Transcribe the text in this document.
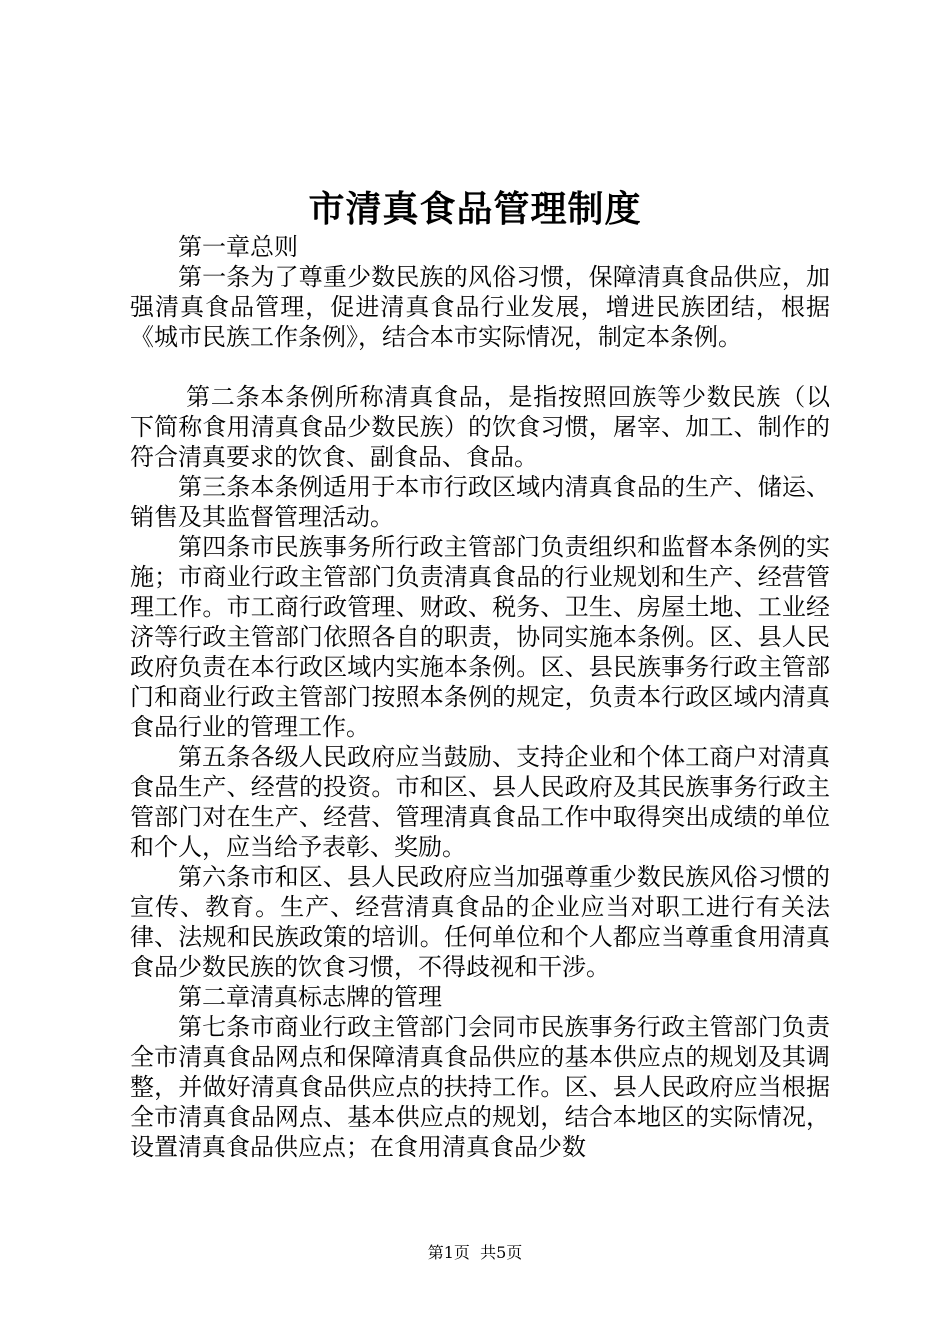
市清真食品管理制度

第一章总则

第一条为了尊重少数民族的风俗习惯，保障清真食品供应，加强清真食品管理，促进清真食品行业发展，增进民族团结，根据《城市民族工作条例》，结合本市实际情况，制定本条例。

第二条本条例所称清真食品，是指按照回族等少数民族（以下简称食用清真食品少数民族）的饮食习惯，屠宰、加工、制作的符合清真要求的饮食、副食品、食品。

第三条本条例适用于本市行政区域内清真食品的生产、储运、销售及其监督管理活动。

第四条市民族事务所行政主管部门负责组织和监督本条例的实施；市商业行政主管部门负责清真食品的行业规划和生产、经营管理工作。市工商行政管理、财政、税务、卫生、房屋土地、工业经济等行政主管部门依照各自的职责，协同实施本条例。区、县人民政府负责在本行政区域内实施本条例。区、县民族事务行政主管部门和商业行政主管部门按照本条例的规定，负责本行政区域内清真食品行业的管理工作。

第五条各级人民政府应当鼓励、支持企业和个体工商户对清真食品生产、经营的投资。市和区、县人民政府及其民族事务行政主管部门对在生产、经营、管理清真食品工作中取得突出成绩的单位和个人，应当给予表彰、奖励。

第六条市和区、县人民政府应当加强尊重少数民族风俗习惯的宣传、教育。生产、经营清真食品的企业应当对职工进行有关法律、法规和民族政策的培训。任何单位和个人都应当尊重食用清真食品少数民族的饮食习惯，不得歧视和干涉。

第二章清真标志牌的管理

第七条市商业行政主管部门会同市民族事务行政主管部门负责全市清真食品网点和保障清真食品供应的基本供应点的规划及其调整，并做好清真食品供应点的扶持工作。区、县人民政府应当根据全市清真食品网点、基本供应点的规划，结合本地区的实际情况，设置清真食品供应点；在食用清真食品少数

第1页 共5页
